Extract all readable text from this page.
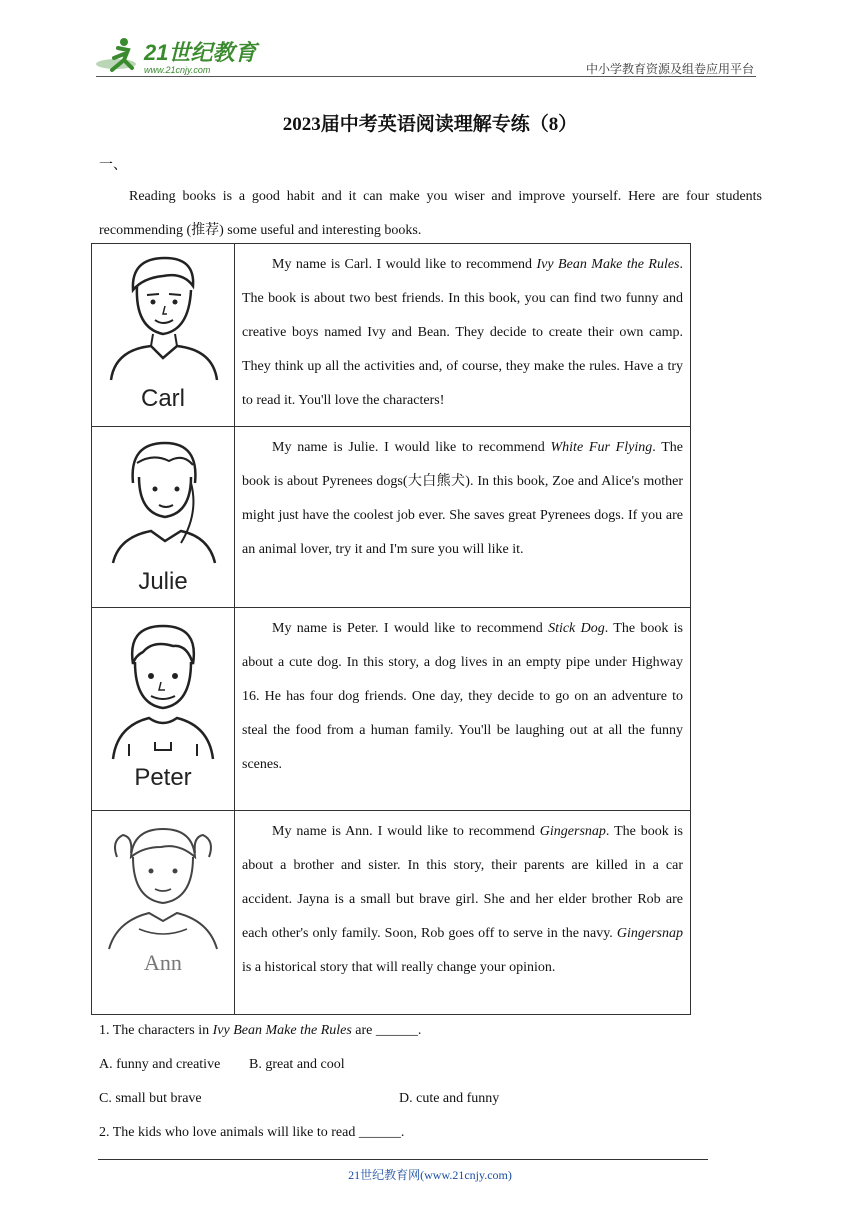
21世纪教育
www.21cnjy.com	中小学教育资源及组卷应用平台
2023届中考英语阅读理解专练（8）
一、
Reading books is a good habit and it can make you wiser and improve yourself. Here are four students recommending (推荐) some useful and interesting books.
Carl	My name is Carl. I would like to recommend Ivy Bean Make the Rules. The book is about two best friends. In this book, you can find two funny and creative boys named Ivy and Bean. They decide to create their own camp. They think up all the activities and, of course, they make the rules. Have a try to read it. You'll love the characters!

Julie	My name is Julie. I would like to recommend White Fur Flying. The book is about Pyrenees dogs(大白熊犬). In this book, Zoe and Alice's mother might just have the coolest job ever. She saves great Pyrenees dogs. If you are an animal lover, try it and I'm sure you will like it.

Peter	My name is Peter. I would like to recommend Stick Dog. The book is about a cute dog. In this story, a dog lives in an empty pipe under Highway 16. He has four dog friends. One day, they decide to go on an adventure to steal the food from a human family. You'll be laughing out at all the funny scenes.

Ann	My name is Ann. I would like to recommend Gingersnap. The book is about a brother and sister. In this story, their parents are killed in a car accident. Jayna is a small but brave girl. She and her elder brother Rob are each other's only family. Soon, Rob goes off to serve in the navy. Gingersnap is a historical story that will really change your opinion.

1. The characters in Ivy Bean Make the Rules are ______.
A. funny and creative B. great and cool
C. small but brave	D. cute and funny
2. The kids who love animals will like to read ______.
21世纪教育网(www.21cnjy.com)
